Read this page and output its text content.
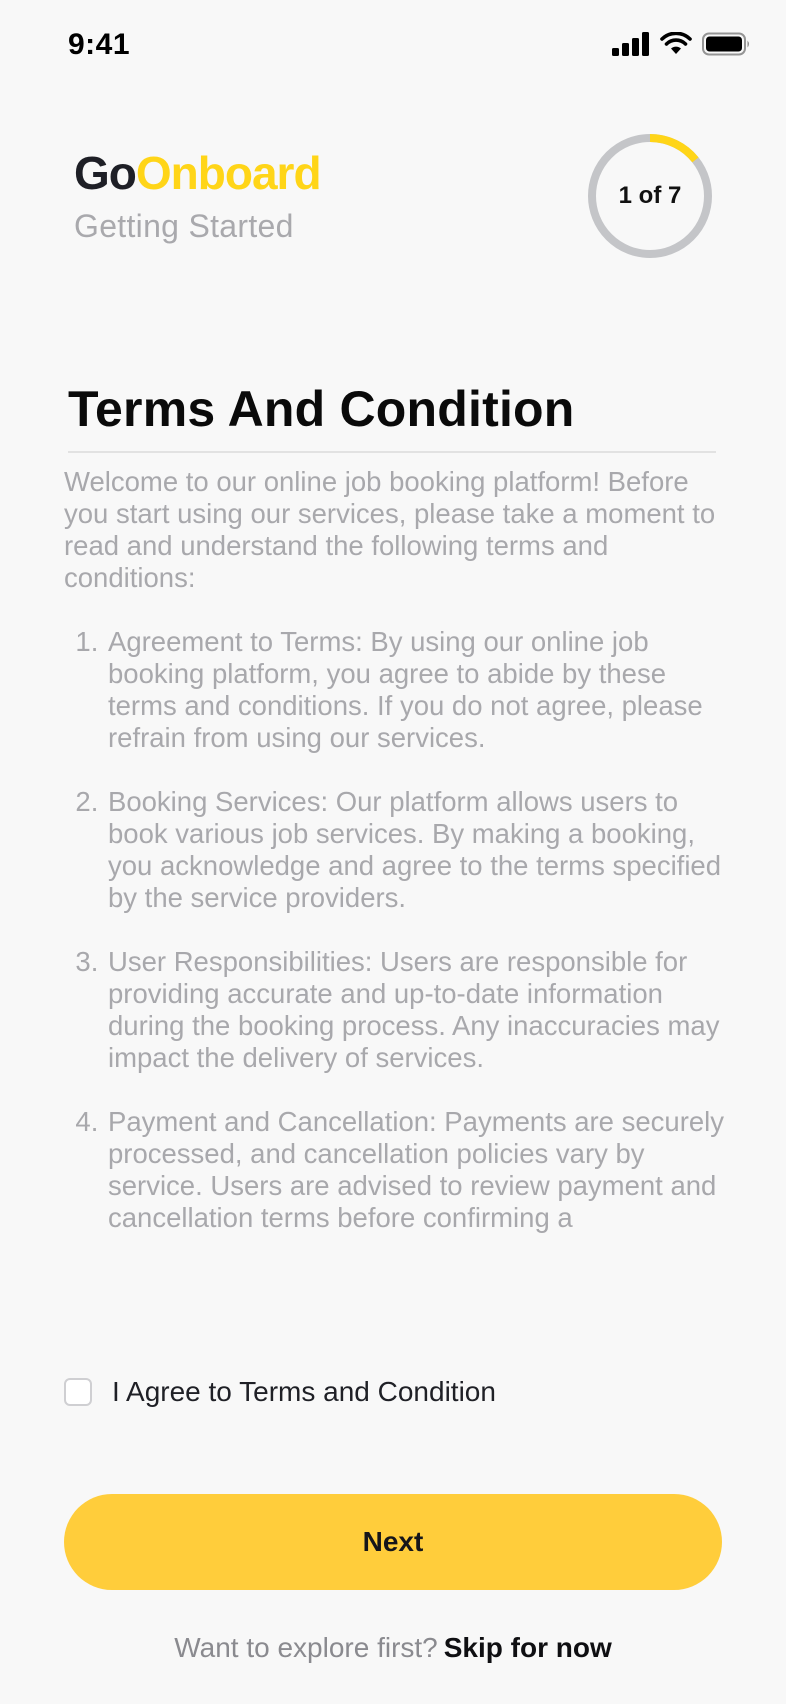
9:41
GoOnboard
Getting Started
1 of 7
Terms And Condition

Welcome to our online job booking platform! Before you start using our services, please take a moment to read and understand the following terms and conditions:

1. Agreement to Terms: By using our online job booking platform, you agree to abide by these terms and conditions. If you do not agree, please refrain from using our services.
2. Booking Services: Our platform allows users to book various job services. By making a booking, you acknowledge and agree to the terms specified by the service providers.
3. User Responsibilities: Users are responsible for providing accurate and up-to-date information during the booking process. Any inaccuracies may impact the delivery of services.
4. Payment and Cancellation: Payments are securely processed, and cancellation policies vary by service. Users are advised to review payment and cancellation terms before confirming a
I Agree to Terms and Condition
Next
Want to explore first? Skip for now
